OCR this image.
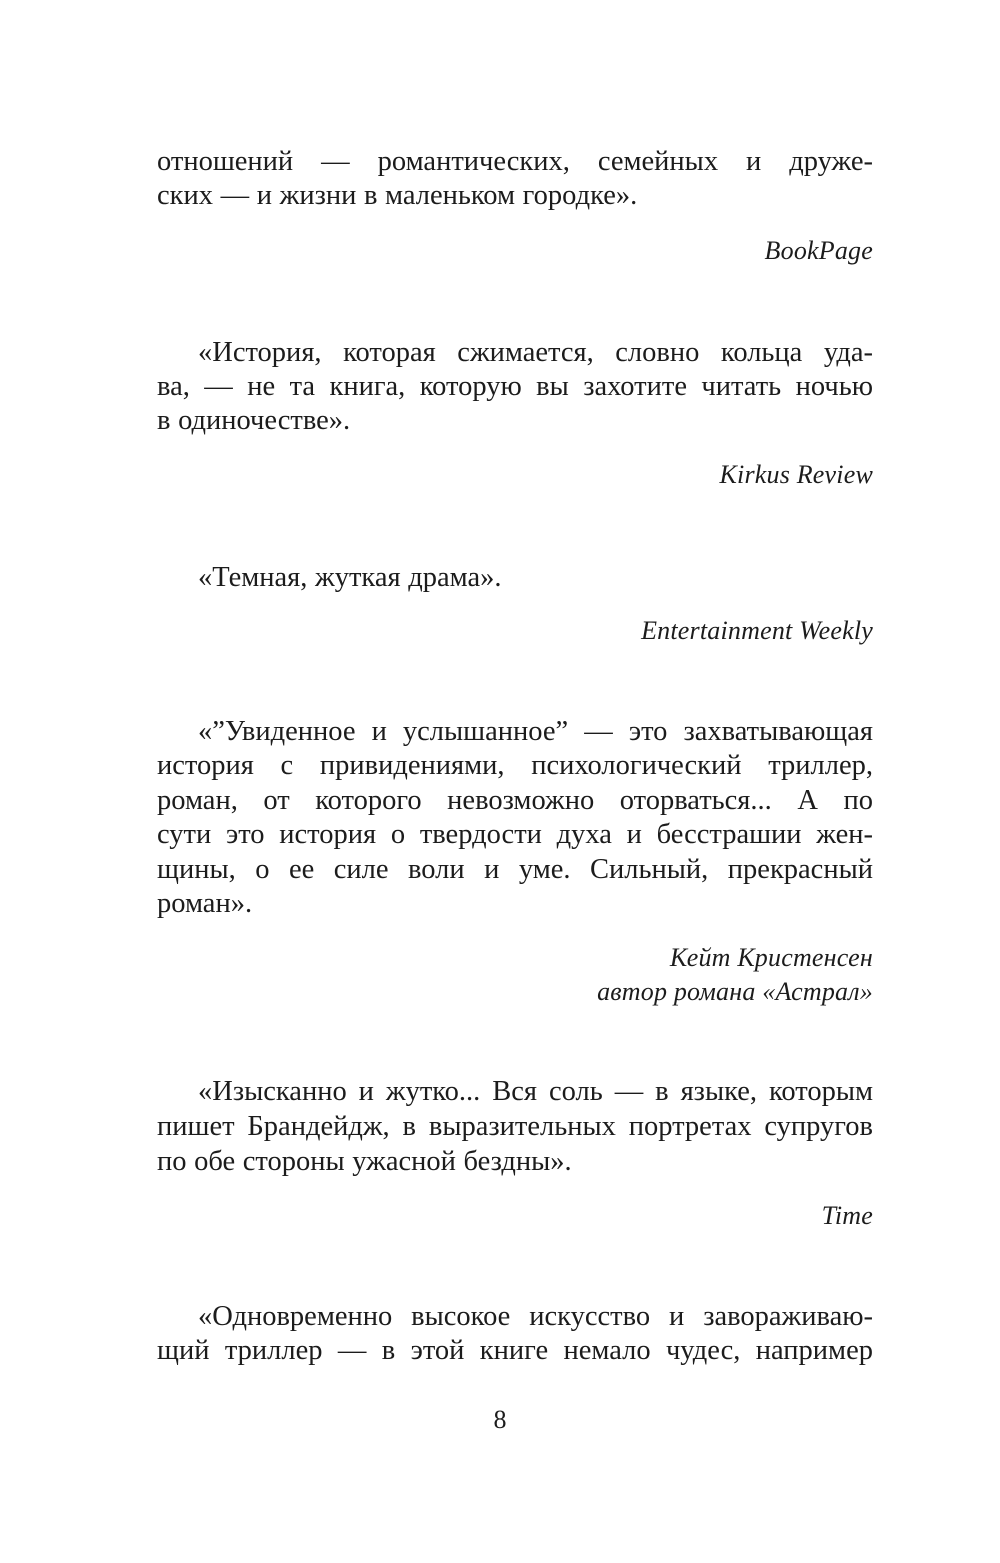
отношений — романтических, семейных и друже-
ских — и жизни в маленьком городке».
BookPage
«История, которая сжимается, словно кольца уда-
ва, — не та книга, которую вы захотите читать ночью
в одиночестве».
Kirkus Review
«Темная, жуткая драма».
Entertainment Weekly
«”Увиденное и услышанное” — это захватывающая
история с привидениями, психологический триллер,
роман, от которого невозможно оторваться... А по
сути это история о твердости духа и бесстрашии жен-
щины, о ее силе воли и уме. Сильный, прекрасный
роман».
Кейт Кристенсен
автор романа «Астрал»
«Изысканно и жутко... Вся соль — в языке, которым
пишет Брандейдж, в выразительных портретах супругов
по обе стороны ужасной бездны».
Time
«Одновременно высокое искусство и завораживаю-
щий триллер — в этой книге немало чудес, например
8
